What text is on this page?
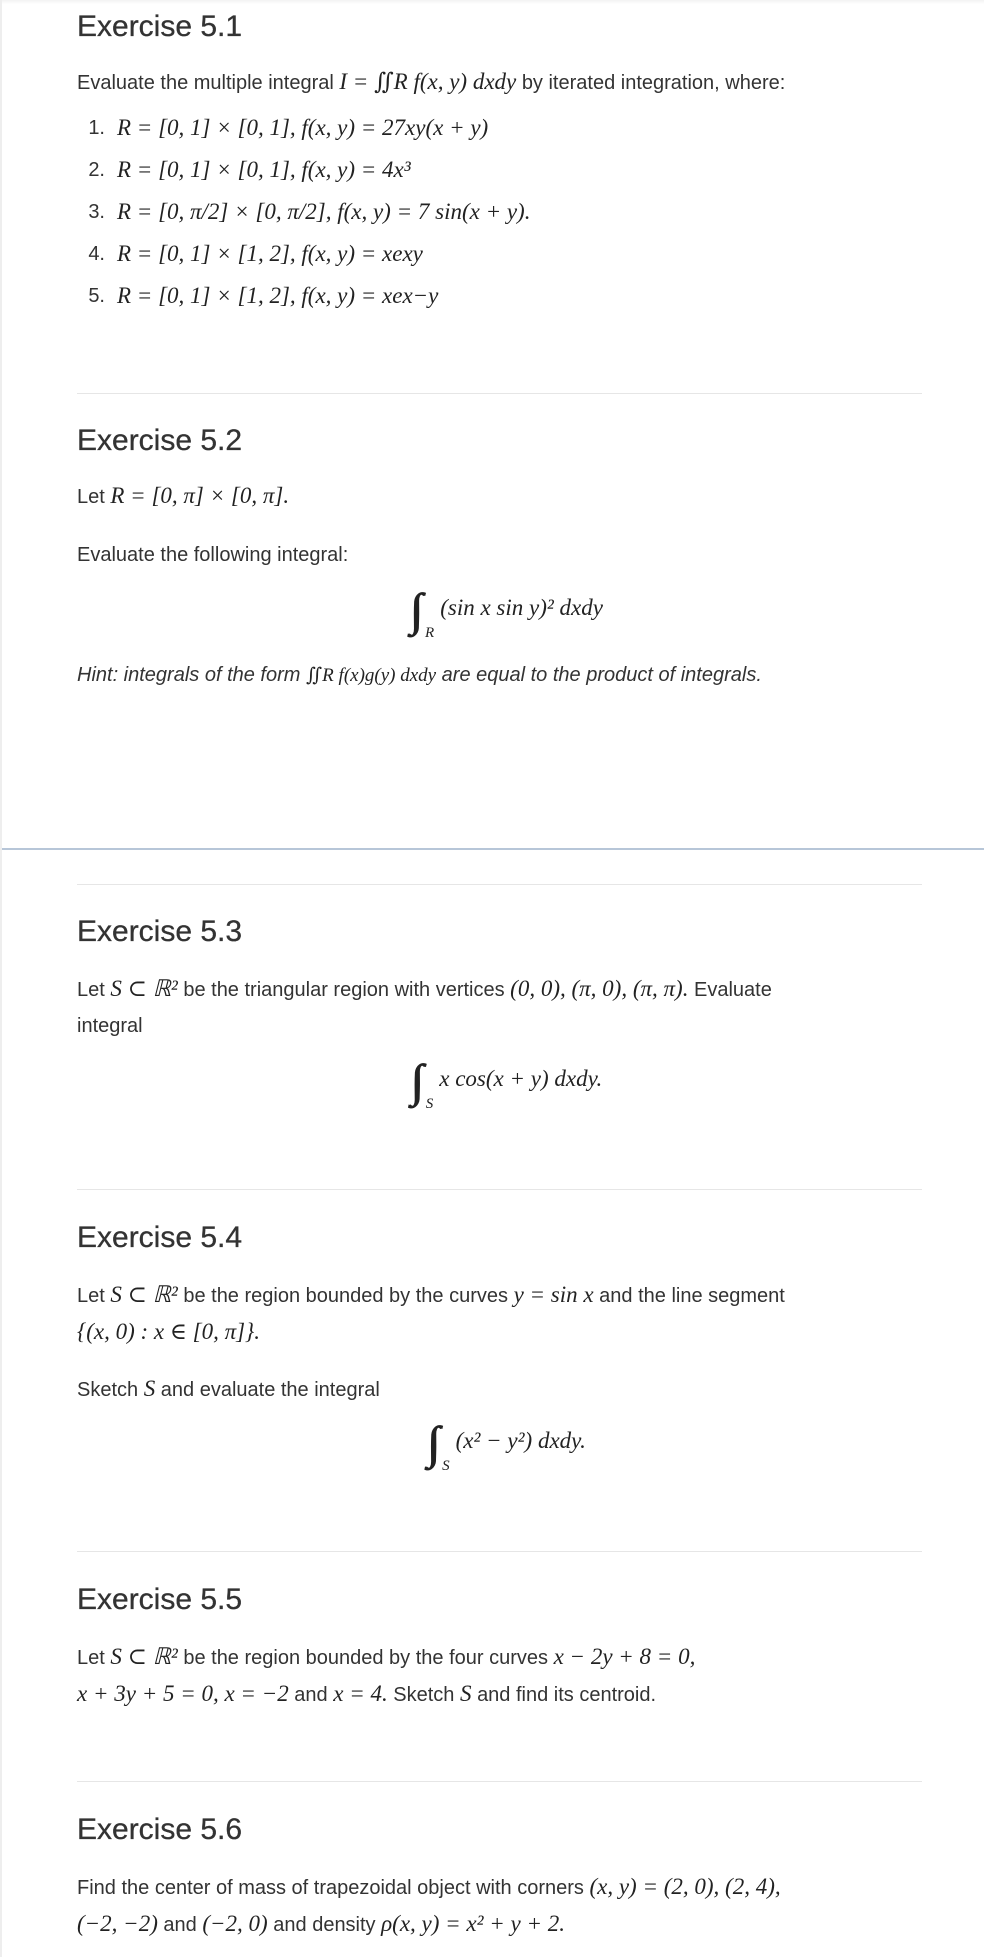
Exercise 5.1

Evaluate the multiple integral I = ∬R f(x, y) dxdy by iterated integration, where:

1. R = [0, 1] × [0, 1], f(x, y) = 27xy(x + y)
2. R = [0, 1] × [0, 1], f(x, y) = 4x³
3. R = [0, π/2] × [0, π/2], f(x, y) = 7 sin(x + y).
4. R = [0, 1] × [1, 2], f(x, y) = xexy
5. R = [0, 1] × [1, 2], f(x, y) = xex−y
Exercise 5.2

Let R = [0, π] × [0, π].

Evaluate the following integral:

$_R$(sin x sin y)² dxdy

Hint: integrals of the form ∬R f(x)g(y) dxdy are equal to the product of integrals.

Exercise 5.3

Let S ⊂ ℝ² be the triangular region with vertices (0, 0), (π, 0), (π, π). Evaluate
integral

$_S$x cos(x + y) dxdy.
Exercise 5.4

Let S ⊂ ℝ² be the region bounded by the curves y = sin x and the line segment
{(x, 0) : x ∈ [0, π]}.

Sketch S and evaluate the integral

$_S$(x² − y²) dxdy.
Exercise 5.5

Let S ⊂ ℝ² be the region bounded by the four curves x − 2y + 8 = 0,
x + 3y + 5 = 0, x = −2 and x = 4. Sketch S and find its centroid.

Exercise 5.6

Find the center of mass of trapezoidal object with corners (x, y) = (2, 0), (2, 4),
(−2, −2) and (−2, 0) and density ρ(x, y) = x² + y + 2.
